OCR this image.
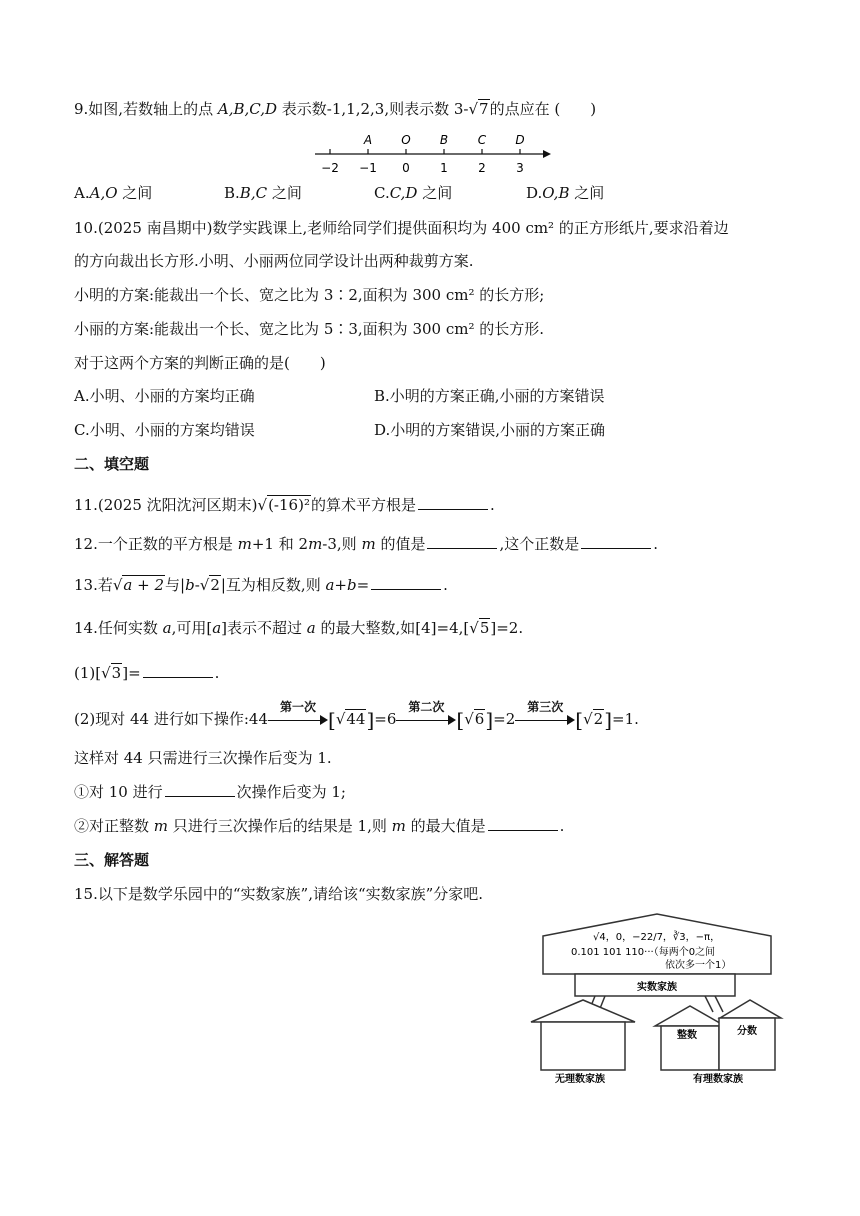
9.如图,若数轴上的点 A,B,C,D 表示数-1,1,2,3,则表示数 3-√7的点应在 (　　)
−2 −1
A
0
O
1
B
2
C
3
D
A.A,O 之间	B.B,C 之间	C.C,D 之间	D.O,B 之间
10.(2025 南昌期中)数学实践课上,老师给同学们提供面积均为 400 cm² 的正方形纸片,要求沿着边
的方向裁出长方形.小明、小丽两位同学设计出两种裁剪方案.
小明的方案:能裁出一个长、宽之比为 3∶2,面积为 300 cm² 的长方形;
小丽的方案:能裁出一个长、宽之比为 5∶3,面积为 300 cm² 的长方形.
对于这两个方案的判断正确的是(　　)
A.小明、小丽的方案均正确	B.小明的方案正确,小丽的方案错误
C.小明、小丽的方案均错误	D.小明的方案错误,小丽的方案正确
二、填空题
11.(2025 沈阳沈河区期末)√(-16)²的算术平方根是	.
12.一个正数的平方根是 m+1 和 2m-3,则 m 的值是	,这个正数是	.
13.若√a + 2与|b-√2|互为相反数,则 a+b=	.
14.任何实数 a,可用[a]表示不超过 a 的最大整数,如[4]=4,[√5]=2.
(1)[√3]=	.
(2)现对 44 进行如下操作:44
第一次
[√44]=6
第二次
[√6]=2
第三次
[√2]=1.
这样对 44 只需进行三次操作后变为 1.
①对 10 进行	次操作后变为 1;
②对正整数 m 只进行三次操作后的结果是 1,则 m 的最大值是	.
三、解答题
15.以下是数学乐园中的“实数家族”,请给该“实数家族”分家吧.
√4，0，−22/7，∛3，−π，
0.101 101 110···（每两个0之间
依次多一个1）
实数家族
无理数家族
整数	分数
有理数家族
